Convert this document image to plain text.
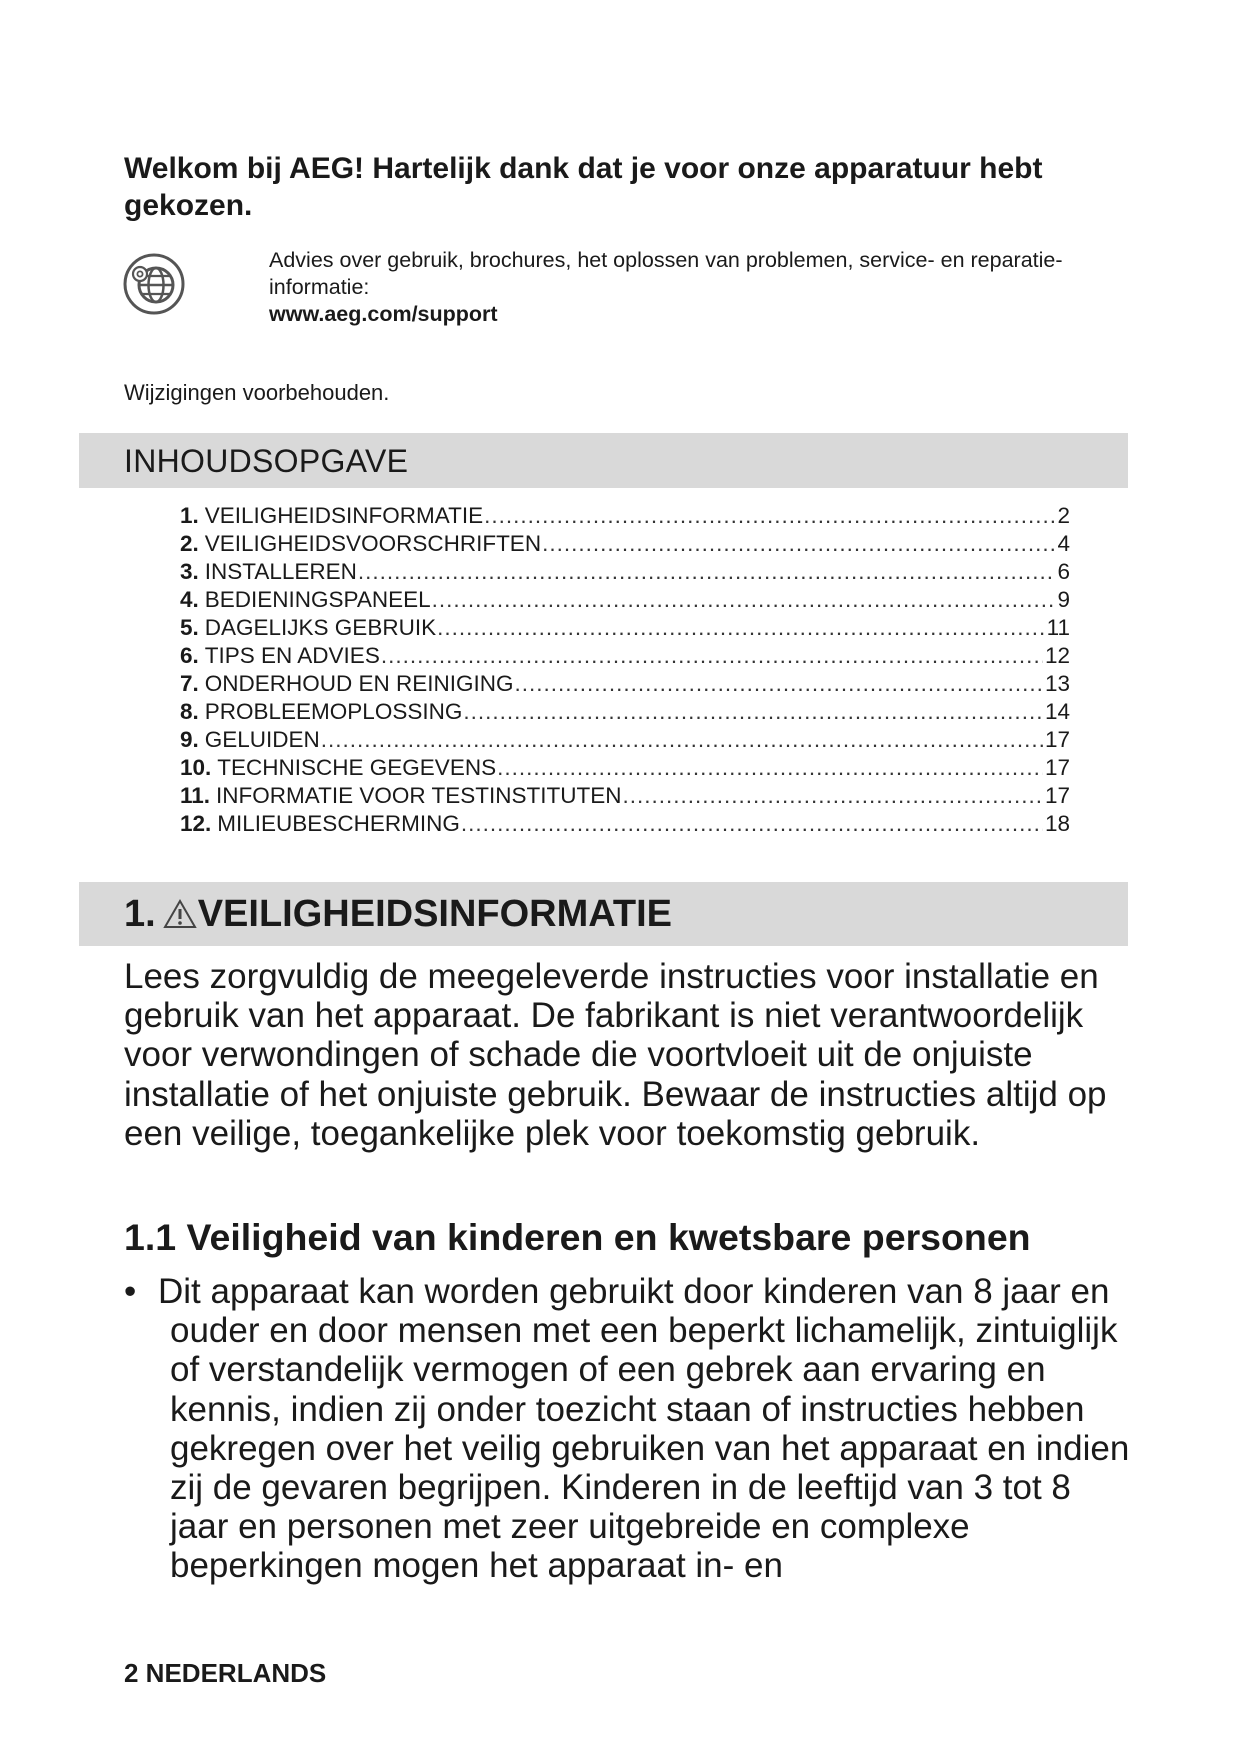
Welkom bij AEG! Hartelijk dank dat je voor onze apparatuur hebt gekozen.
Advies over gebruik, brochures, het oplossen van problemen, service- en reparatie-informatie:
www.aeg.com/support
Wijzigingen voorbehouden.
INHOUDSOPGAVE
1. VEILIGHEIDSINFORMATIE .....	2
2. VEILIGHEIDSVOORSCHRIFTEN .....	4
3. INSTALLEREN .....	6
4. BEDIENINGSPANEEL .....	9
5. DAGELIJKS GEBRUIK .....	11
6. TIPS EN ADVIES .....	12
7. ONDERHOUD EN REINIGING .....	13
8. PROBLEEMOPLOSSING .....	14
9. GELUIDEN .....	17
10. TECHNISCHE GEGEVENS .....	17
11. INFORMATIE VOOR TESTINSTITUTEN .....	17
12. MILIEUBESCHERMING .....	18
1. VEILIGHEIDSINFORMATIE

Lees zorgvuldig de meegeleverde instructies voor installatie en gebruik van het apparaat. De fabrikant is niet verantwoordelijk voor verwondingen of schade die voortvloeit uit de onjuiste installatie of het onjuiste gebruik. Bewaar de instructies altijd op een veilige, toegankelijke plek voor toekomstig gebruik.

1.1 Veiligheid van kinderen en kwetsbare personen
• Dit apparaat kan worden gebruikt door kinderen van 8 jaar en ouder en door mensen met een beperkt lichamelijk, zintuiglijk of verstandelijk vermogen of een gebrek aan ervaring en kennis, indien zij onder toezicht staan of instructies hebben gekregen over het veilig gebruiken van het apparaat en indien zij de gevaren begrijpen. Kinderen in de leeftijd van 3 tot 8 jaar en personen met zeer uitgebreide en complexe beperkingen mogen het apparaat in- en
2 NEDERLANDS
